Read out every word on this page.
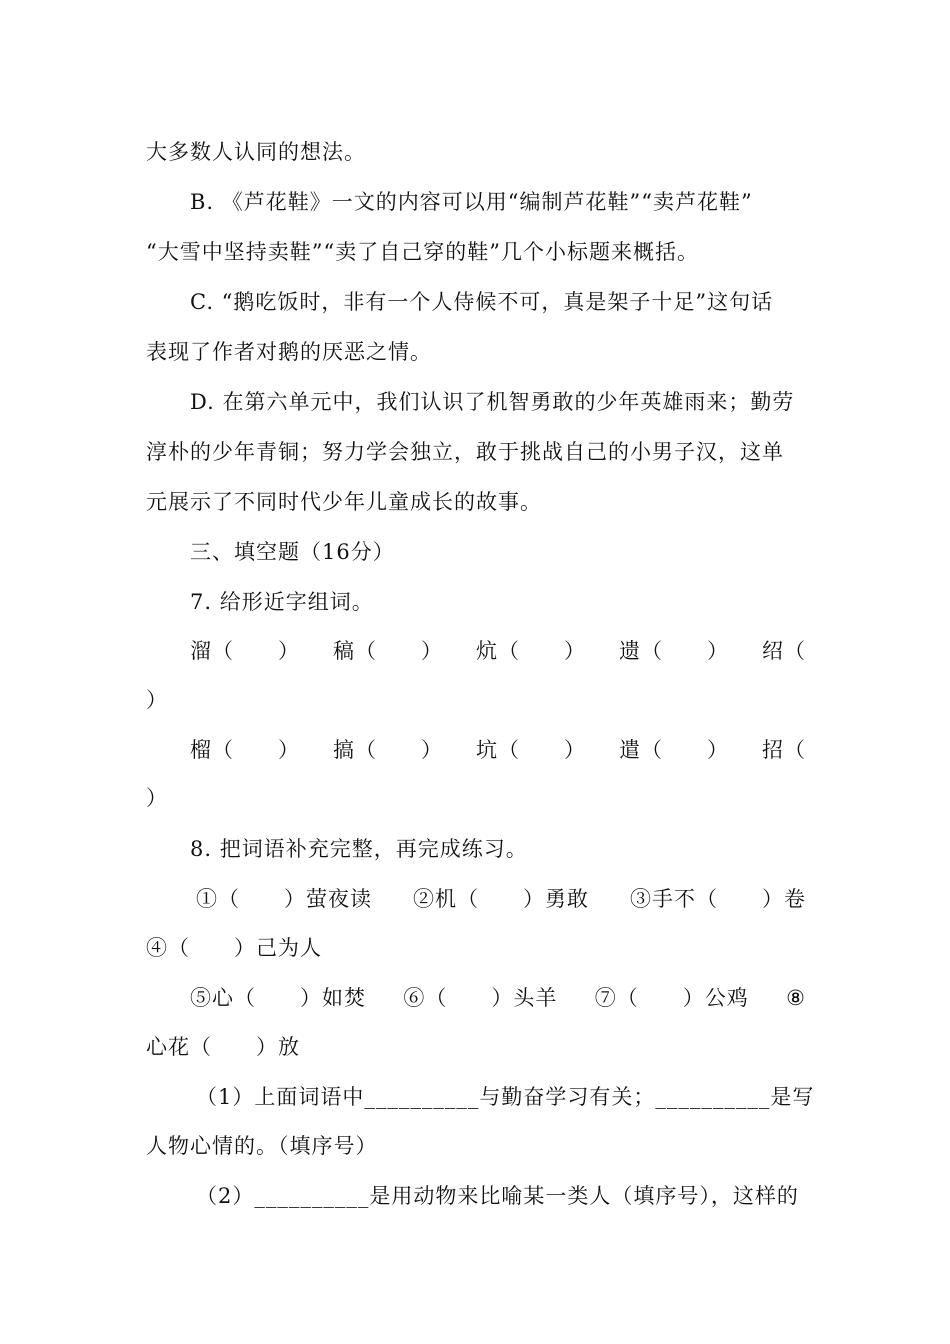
大多数人认同的想法。
B. 《芦花鞋》一文的内容可以用“编制芦花鞋”“卖芦花鞋”
“大雪中坚持卖鞋”“卖了自己穿的鞋”几个小标题来概括。
C. “鹅吃饭时，非有一个人侍候不可，真是架子十足”这句话
表现了作者对鹅的厌恶之情。
D. 在第六单元中，我们认识了机智勇敢的少年英雄雨来；勤劳
淳朴的少年青铜；努力学会独立，敢于挑战自己的小男子汉，这单
元展示了不同时代少年儿童成长的故事。
三、填空题（16分）
7. 给形近字组词。
溜（　　） 稿（　　） 炕（　　） 遗（　　） 绍（
）
榴（　　） 搞（　　） 坑（　　） 遣（　　） 招（
）
8. 把词语补充完整，再完成练习。
①（　　）萤夜读 ②机（　　）勇敢 ③手不（　　）卷
④（　　）己为人
⑤心（　　）如焚 ⑥（　　）头羊 ⑦（　　）公鸡 ⑧
心花（　　）放
（1）上面词语中__________与勤奋学习有关；__________是写
人物心情的。（填序号）
（2）__________是用动物来比喻某一类人（填序号），这样的
